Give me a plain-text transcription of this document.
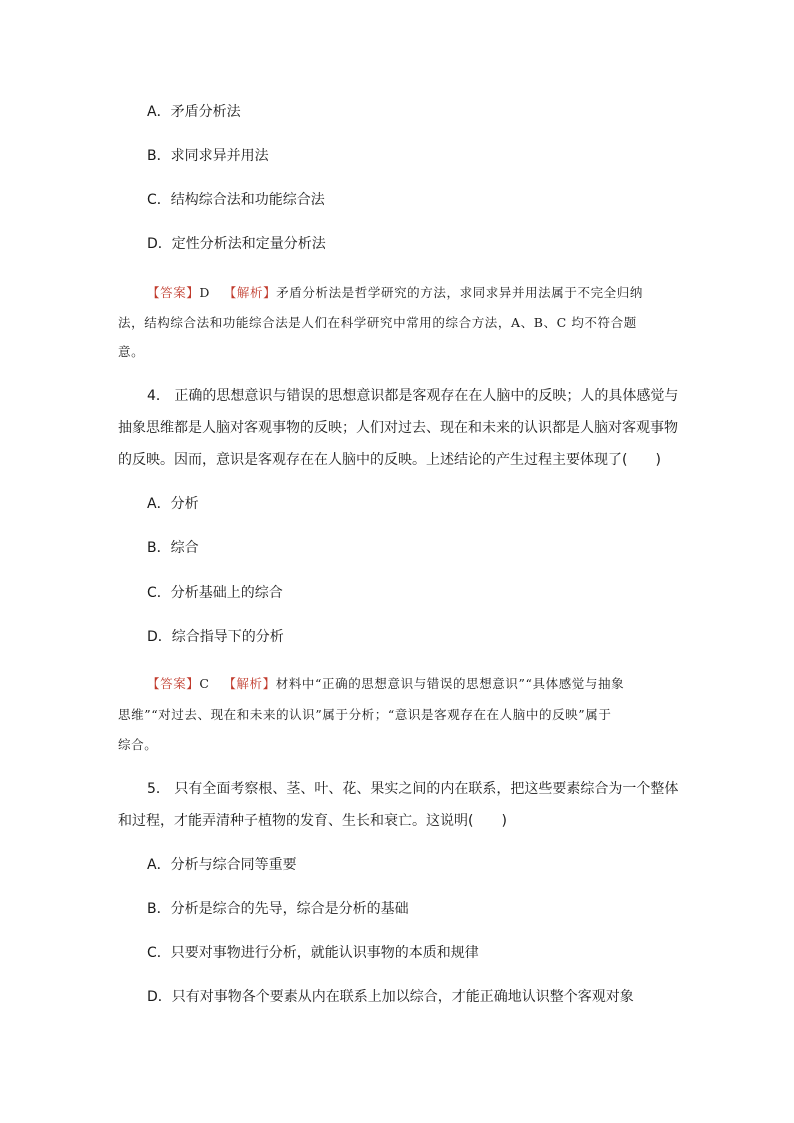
A．矛盾分析法
B．求同求异并用法
C．结构综合法和功能综合法
D．定性分析法和定量分析法
【答案】D 【解析】矛盾分析法是哲学研究的方法，求同求异并用法属于不完全归纳
法，结构综合法和功能综合法是人们在科学研究中常用的综合方法，A、B、C 均不符合题
意。
4． 正确的思想意识与错误的思想意识都是客观存在在人脑中的反映；人的具体感觉与
抽象思维都是人脑对客观事物的反映；人们对过去、现在和未来的认识都是人脑对客观事物
的反映。因而，意识是客观存在在人脑中的反映。上述结论的产生过程主要体现了(　　)
A．分析
B．综合
C．分析基础上的综合
D．综合指导下的分析
【答案】C 【解析】材料中“正确的思想意识与错误的思想意识”“具体感觉与抽象
思维”“对过去、现在和未来的认识”属于分析；“意识是客观存在在人脑中的反映”属于
综合。
5． 只有全面考察根、茎、叶、花、果实之间的内在联系，把这些要素综合为一个整体
和过程，才能弄清种子植物的发育、生长和衰亡。这说明(　　)
A．分析与综合同等重要
B．分析是综合的先导，综合是分析的基础
C．只要对事物进行分析，就能认识事物的本质和规律
D．只有对事物各个要素从内在联系上加以综合，才能正确地认识整个客观对象
